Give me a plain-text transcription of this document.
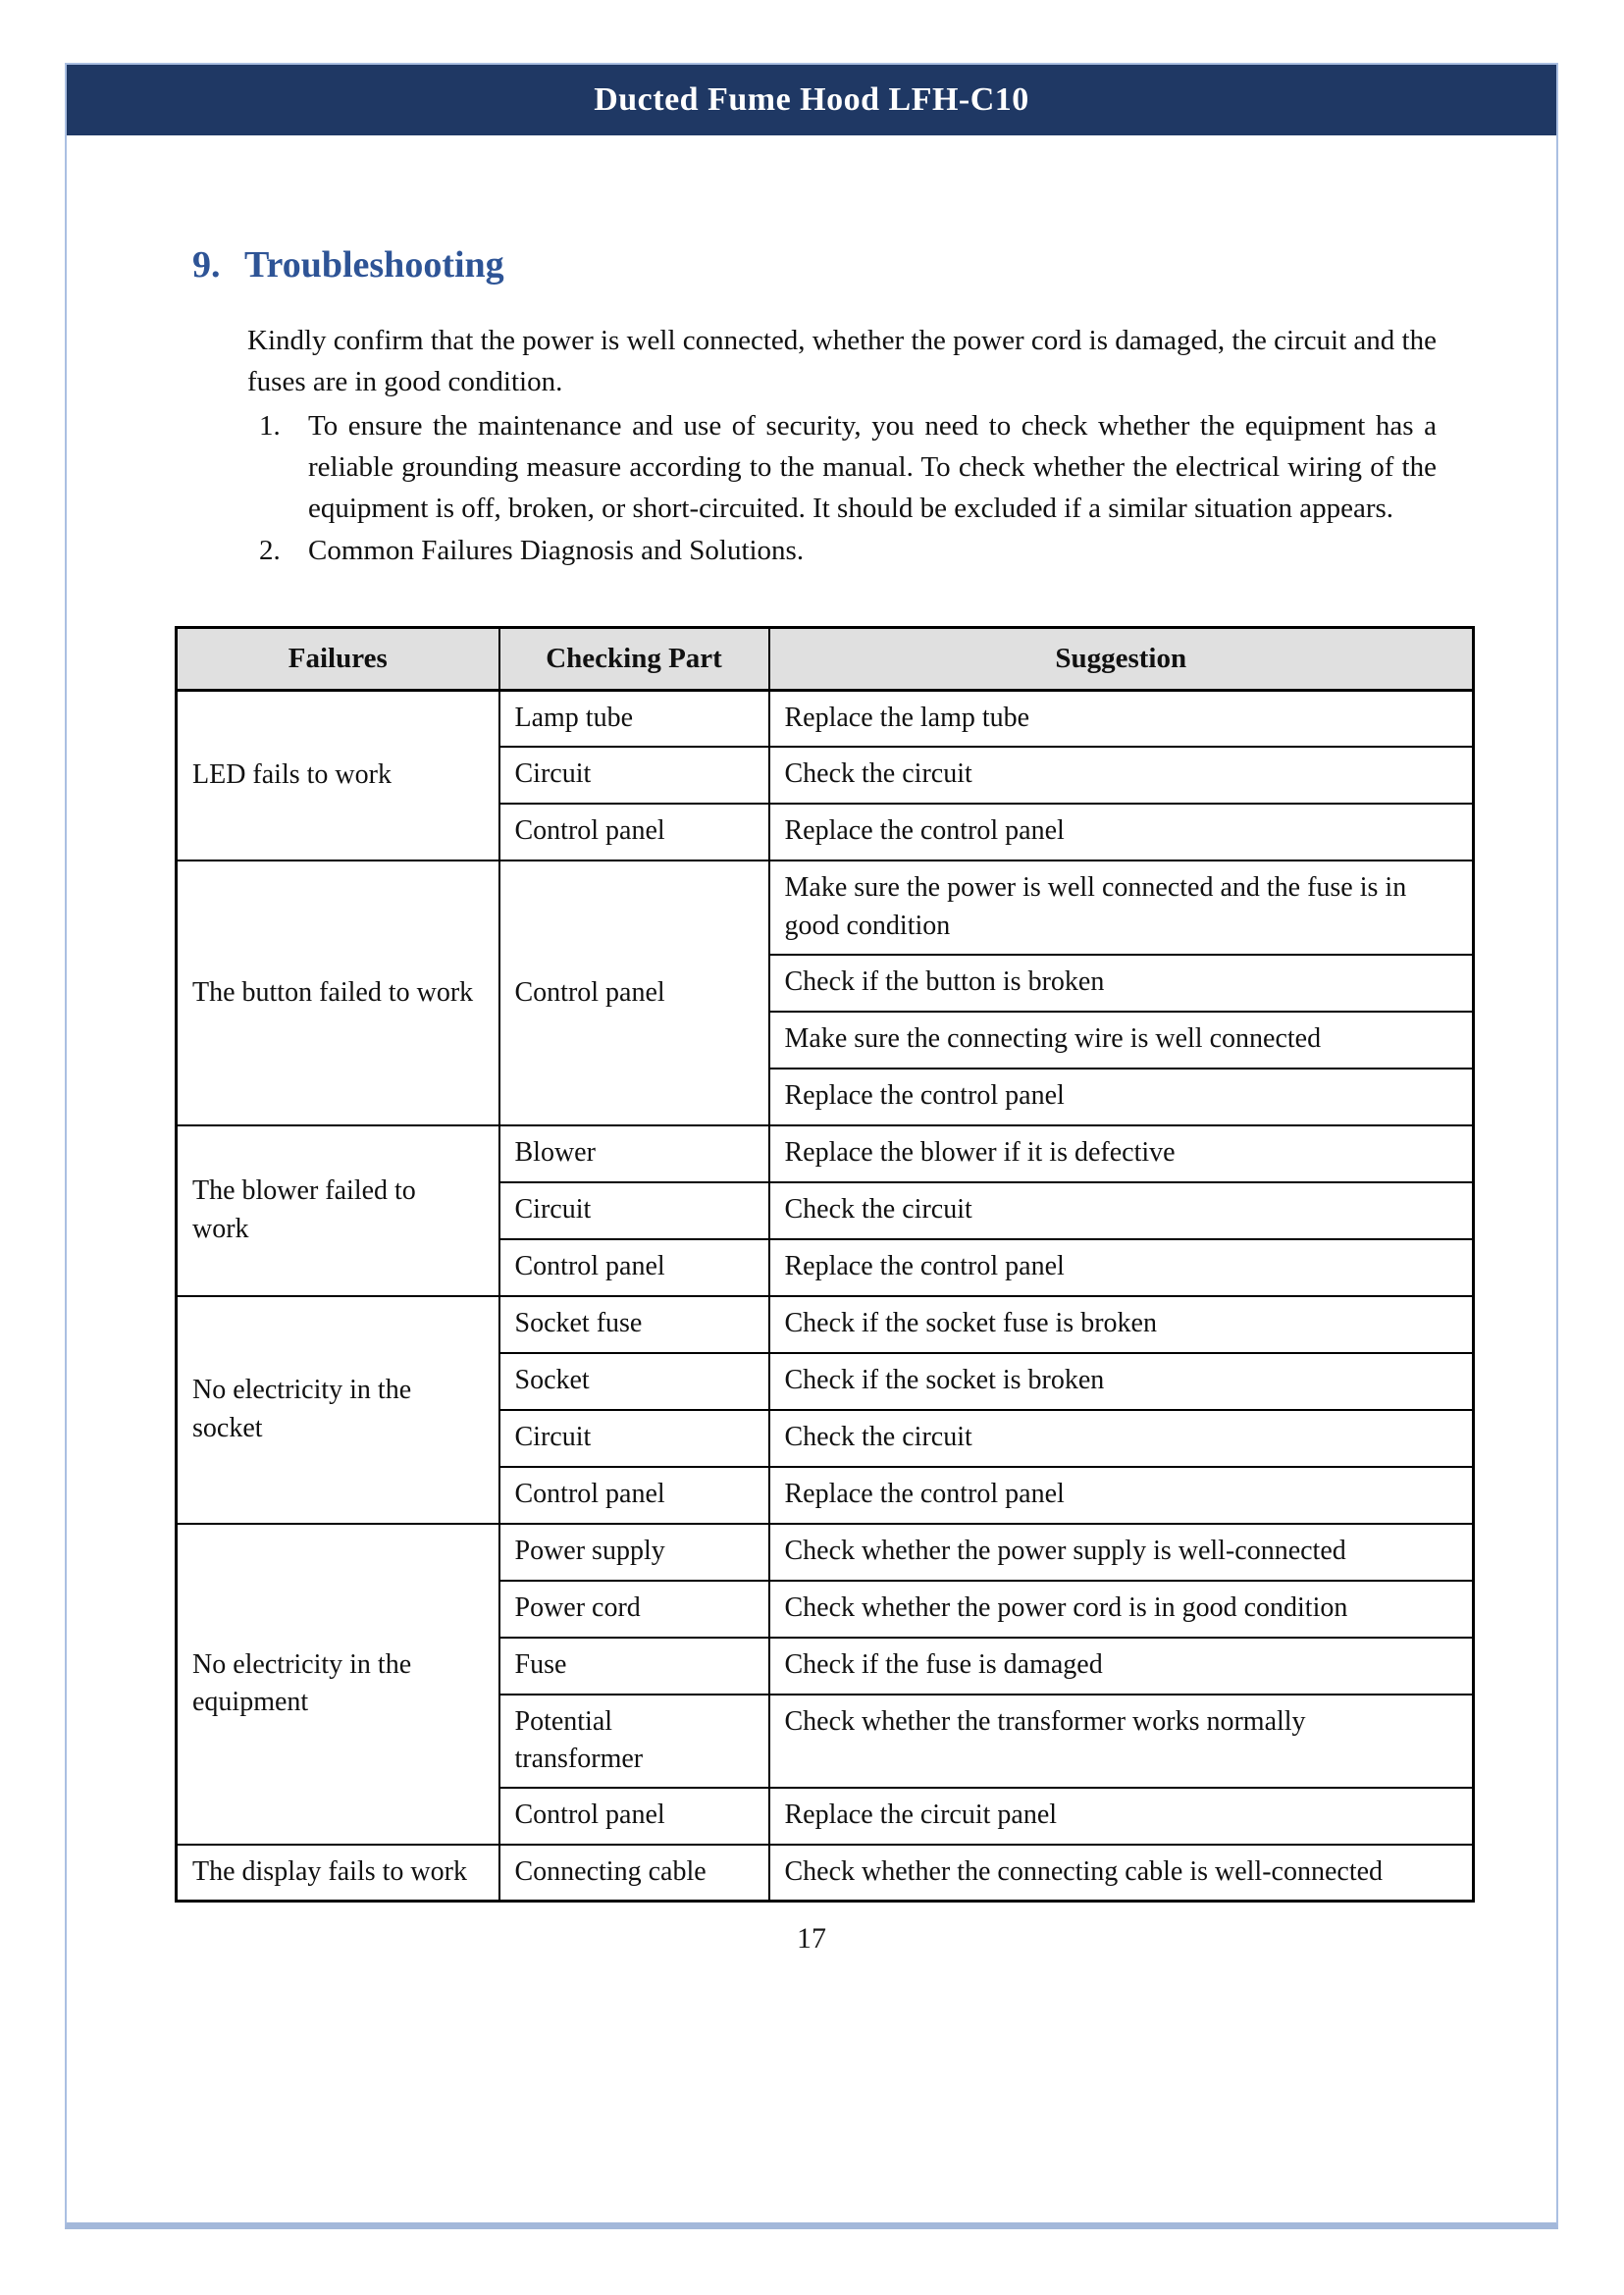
Ducted Fume Hood LFH-C10
9. Troubleshooting

Kindly confirm that the power is well connected, whether the power cord is damaged, the circuit and the fuses are in good condition.

1. To ensure the maintenance and use of security, you need to check whether the equipment has a reliable grounding measure according to the manual. To check whether the electrical wiring of the equipment is off, broken, or short-circuited. It should be excluded if a similar situation appears.
2. Common Failures Diagnosis and Solutions.
Failures	Checking Part	Suggestion
LED fails to work	Lamp tube	Replace the lamp tube
	Circuit	Check the circuit
	Control panel	Replace the control panel
The button failed to work	Control panel	Make sure the power is well connected and the fuse is in good condition
		Check if the button is broken
		Make sure the connecting wire is well connected
		Replace the control panel
The blower failed to work	Blower	Replace the blower if it is defective
	Circuit	Check the circuit
	Control panel	Replace the control panel
No electricity in the socket	Socket fuse	Check if the socket fuse is broken
	Socket	Check if the socket is broken
	Circuit	Check the circuit
	Control panel	Replace the control panel
No electricity in the equipment	Power supply	Check whether the power supply is well-connected
	Power cord	Check whether the power cord is in good condition
	Fuse	Check if the fuse is damaged
	Potential transformer	Check whether the transformer works normally
	Control panel	Replace the circuit panel
The display fails to work	Connecting cable	Check whether the connecting cable is well-connected
17
